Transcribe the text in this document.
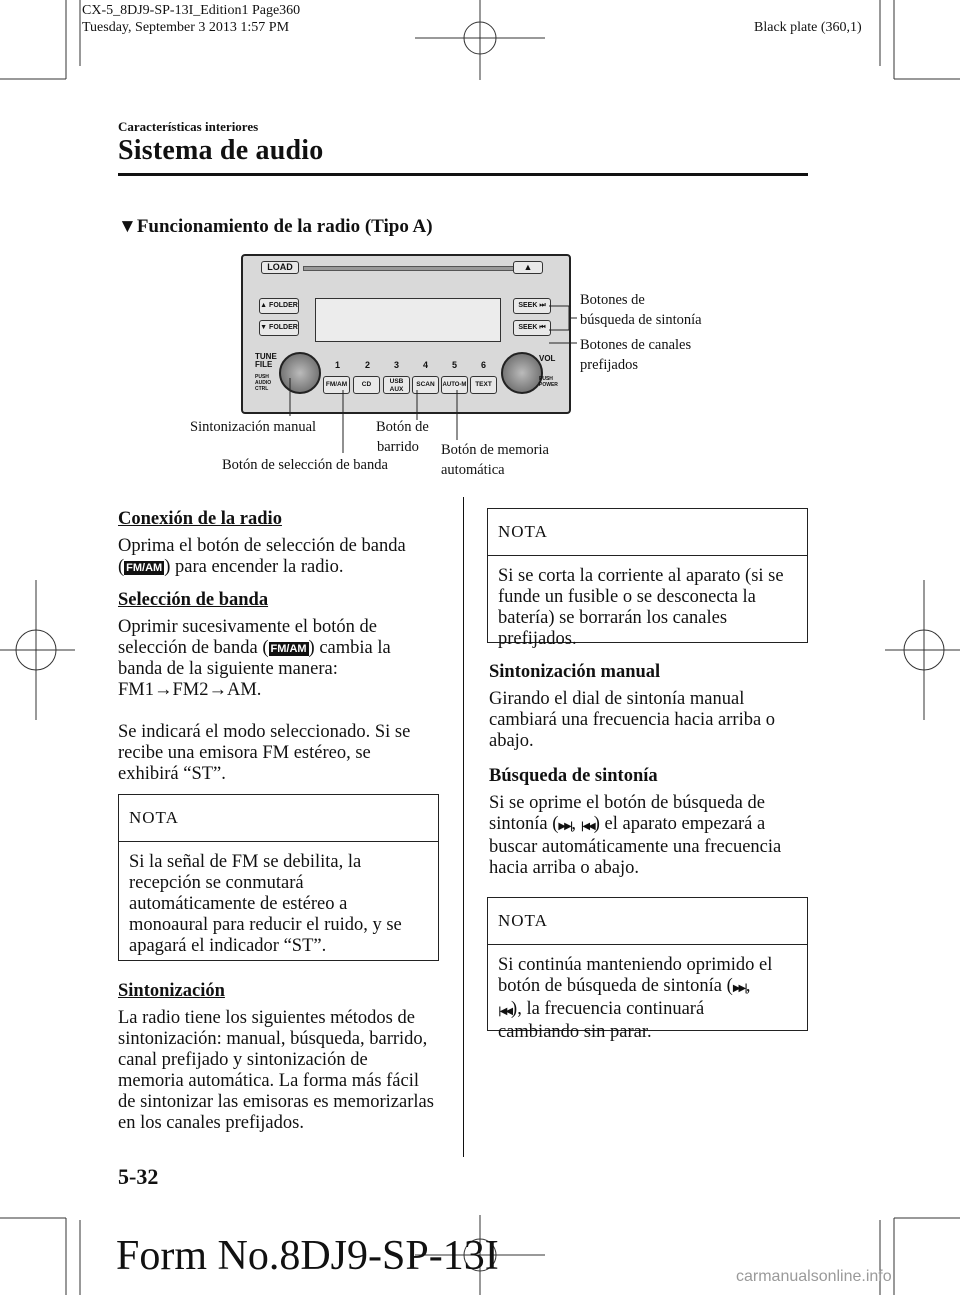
CX-5_8DJ9-SP-13I_Edition1 Page360
Tuesday, September 3 2013 1:57 PM	Black plate (360,1)
Características interiores
Sistema de audio
▼Funcionamiento de la radio (Tipo A)
LOAD	▲
▲ FOLDER
▼ FOLDER
SEEK ⏭
SEEK ⏮
TUNE FILE
PUSH AUDIO CTRL
VOL
PUSH POWER
1	2	3	4	5	6
FM/AM	CD	USB AUX
SCAN	AUTO-M	TEXT
Botones de
búsqueda de sintonía
Botones de canales
prefijados
Sintonización manual	Botón de
barrido
Botón de selección de banda
Botón de memoria
automática
Conexión de la radio
Oprima el botón de selección de banda
( FM/AM ) para encender la radio.
Selección de banda
Oprimir sucesivamente el botón de
selección de banda ( FM/AM ) cambia la
banda de la siguiente manera:
FM1→FM2→AM.
Se indicará el modo seleccionado. Si se
recibe una emisora FM estéreo, se
exhibirá “ST”.
NOTA
Si la señal de FM se debilita, la
recepción se conmutará
automáticamente de estéreo a
monoaural para reducir el ruido, y se
apagará el indicador “ST”.
Sintonización
La radio tiene los siguientes métodos de
sintonización: manual, búsqueda, barrido,
canal prefijado y sintonización de
memoria automática. La forma más fácil
de sintonizar las emisoras es memorizarlas
en los canales prefijados.
NOTA
Si se corta la corriente al aparato (si se
funde un fusible o se desconecta la
batería) se borrarán los canales
prefijados.
Sintonización manual
Girando el dial de sintonía manual
cambiará una frecuencia hacia arriba o
abajo.
Búsqueda de sintonía
Si se oprime el botón de búsqueda de
sintonía (▶▶|, |◀◀) el aparato empezará a
buscar automáticamente una frecuencia
hacia arriba o abajo.
NOTA
Si continúa manteniendo oprimido el
botón de búsqueda de sintonía (▶▶|,
|◀◀), la frecuencia continuará
cambiando sin parar.
5-32
Form No.8DJ9-SP-13I	carmanualsonline.info
